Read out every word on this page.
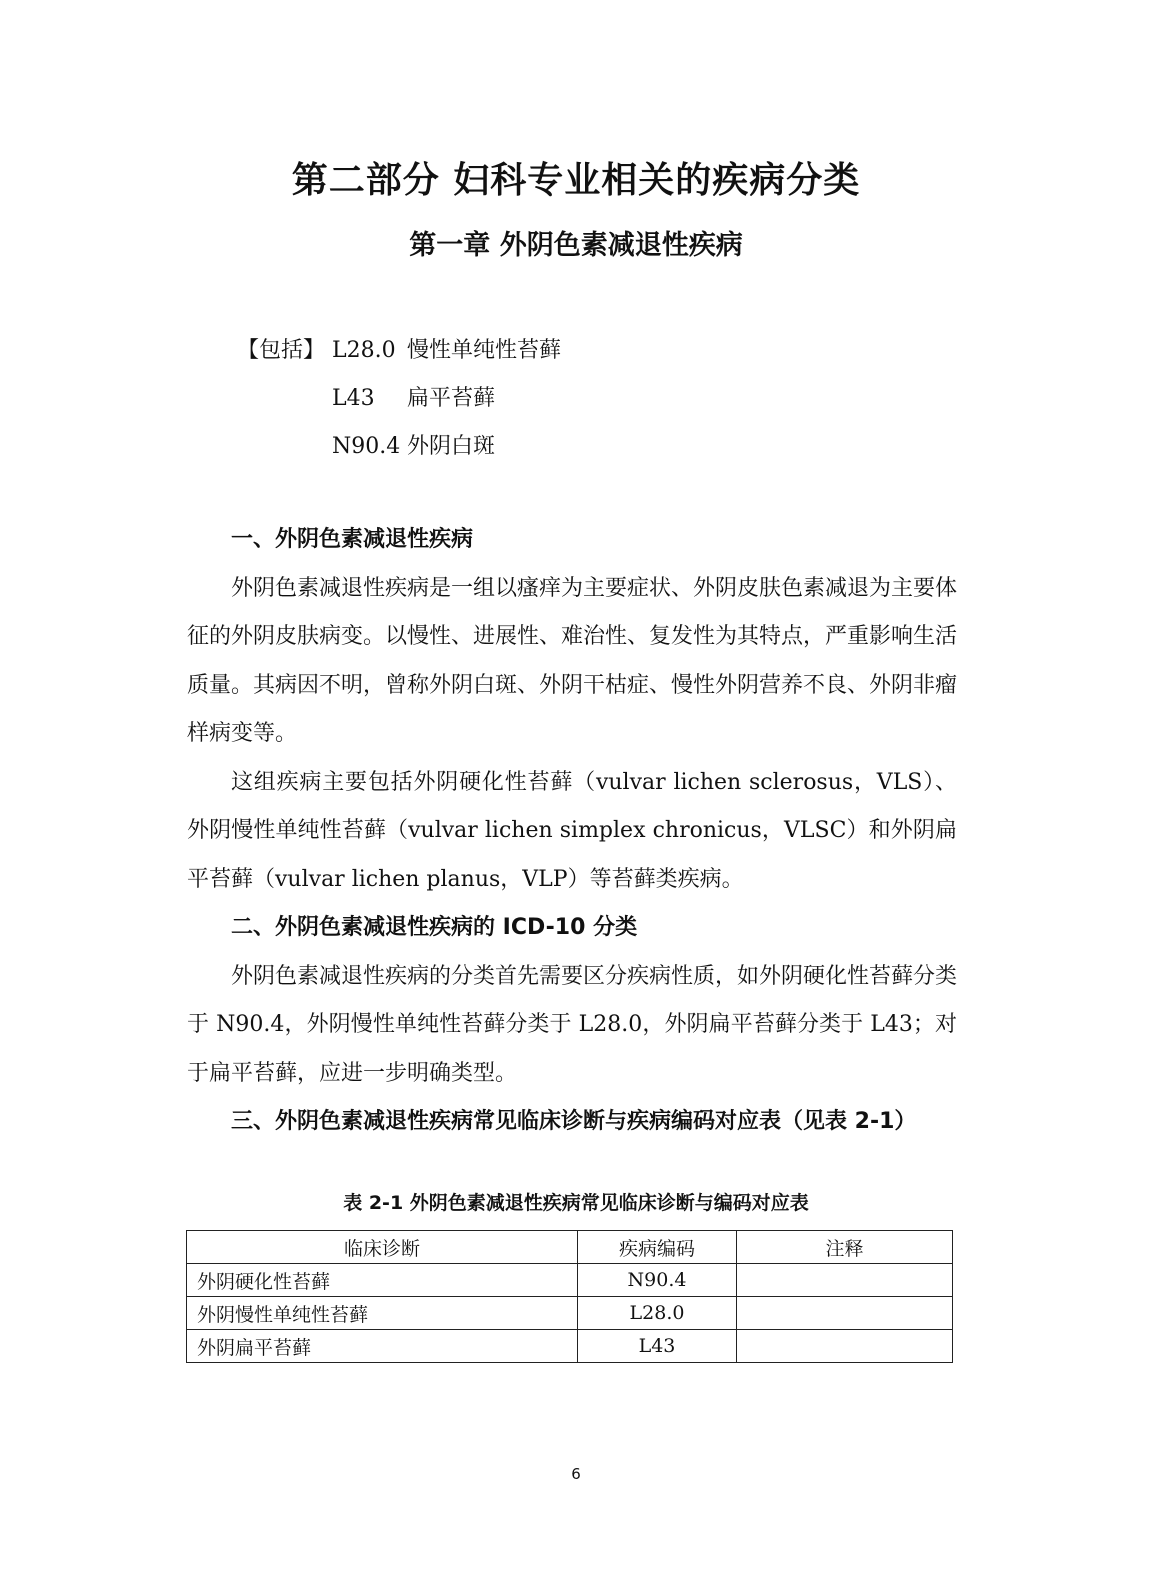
第二部分 妇科专业相关的疾病分类
第一章 外阴色素减退性疾病
【包括】 L28.0 慢性单纯性苔藓
L43	扁平苔藓
N90.4 外阴白斑
一、外阴色素减退性疾病

外阴色素减退性疾病是一组以瘙痒为主要症状、外阴皮肤色素减退为主要体征的外阴皮肤病变。以慢性、进展性、难治性、复发性为其特点，严重影响生活质量。其病因不明，曾称外阴白斑、外阴干枯症、慢性外阴营养不良、外阴非瘤样病变等。

这组疾病主要包括外阴硬化性苔藓（vulvar lichen sclerosus，VLS）、外阴慢性单纯性苔藓（vulvar lichen simplex chronicus，VLSC）和外阴扁平苔藓（vulvar lichen planus，VLP）等苔藓类疾病。

二、外阴色素减退性疾病的 ICD-10 分类

外阴色素减退性疾病的分类首先需要区分疾病性质，如外阴硬化性苔藓分类于 N90.4，外阴慢性单纯性苔藓分类于 L28.0，外阴扁平苔藓分类于 L43；对于扁平苔藓，应进一步明确类型。

三、外阴色素减退性疾病常见临床诊断与疾病编码对应表（见表 2-1）
表 2-1 外阴色素减退性疾病常见临床诊断与编码对应表
临床诊断	疾病编码	注释
外阴硬化性苔藓	N90.4	
外阴慢性单纯性苔藓	L28.0	
外阴扁平苔藓	L43	
6
